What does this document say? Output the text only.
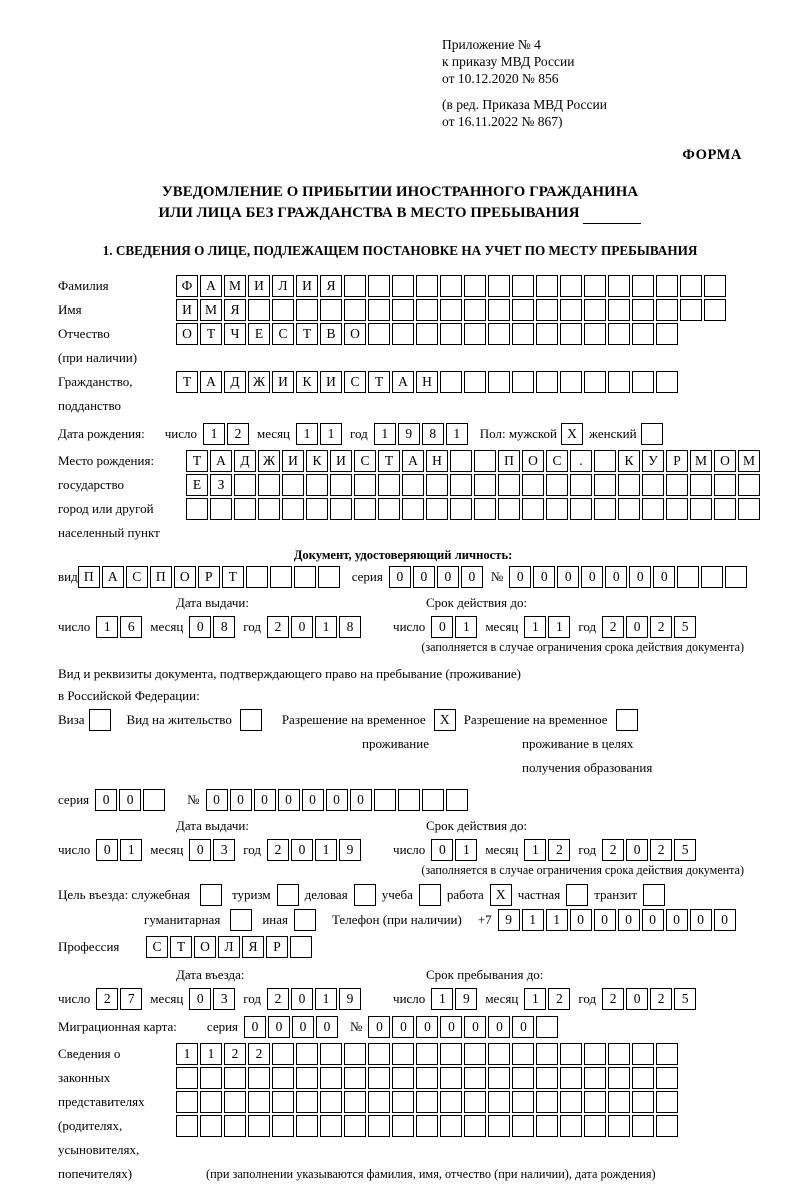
Приложение № 4
к приказу МВД России
от 10.12.2020 № 856
(в ред. Приказа МВД России
от 16.11.2022 № 867)
ФОРМА
УВЕДОМЛЕНИЕ О ПРИБЫТИИ ИНОСТРАННОГО ГРАЖДАНИНА
ИЛИ ЛИЦА БЕЗ ГРАЖДАНСТВА В МЕСТО ПРЕБЫВАНИЯ
1. СВЕДЕНИЯ О ЛИЦЕ, ПОДЛЕЖАЩЕМ ПОСТАНОВКЕ НА УЧЕТ ПО МЕСТУ ПРЕБЫВАНИЯ
Фамилия	Ф	А М И	Л	И	Я
Имя	И М Я
Отчество	О	Т	Ч	Е	С	Т	В	О
(при наличии)
Гражданство,	Т	А	Д Ж И	К	И	С	Т	А	Н
подданство
Дата рождения: число	1	2	месяц	1	1	год	1	9	8	1	Пол: мужской X женский
Место рождения:	Т	А	Д Ж И	К	И	С	Т	А	Н	П	О	С	.	К	У	Р	М О М
государство	Е	З
город или другой
населенный пункт
Документ, удостоверяющий личность:
вид П	А	С	П	О	Р	Т	серия	0	0	0	0	№	0	0	0	0	0	0	0
Дата выдачи:	Срок действия до:
число	1	6	месяц	0	8	год	2	0	1	8	число	0	1	месяц	1	1	год	2	0	2	5
(заполняется в случае ограничения срока действия документа)
Вид и реквизиты документа, подтверждающего право на пребывание (проживание)
в Российской Федерации:
Виза	Вид на жительство	Разрешение на временное	X	Разрешение на временное
проживание	проживание в целях
получения образования
серия	0	0	№	0	0	0	0	0	0	0
Дата выдачи:	Срок действия до:
число	0	1	месяц	0	3	год	2	0	1	9	число	0	1	месяц	1	2	год	2	0	2	5
(заполняется в случае ограничения срока действия документа)
Цель въезда: служебная	туризм	деловая	учеба	работа X частная	транзит
гуманитарная	иная	Телефон (при наличии) +7	9	1	1	0	0	0	0	0	0	0
Профессия	С	Т	О	Л	Я	Р
Дата въезда:	Срок пребывания до:
число	2	7	месяц	0	3	год	2	0	1	9	число	1	9	месяц	1	2	год	2	0	2	5
Миграционная карта: серия	0	0	0	0	№	0	0	0	0	0	0	0
Сведения о	1	1	2	2
законных
представителях
(родителях,
усыновителях,
попечителях)	(при заполнении указываются фамилия, имя, отчество (при наличии), дата рождения)
